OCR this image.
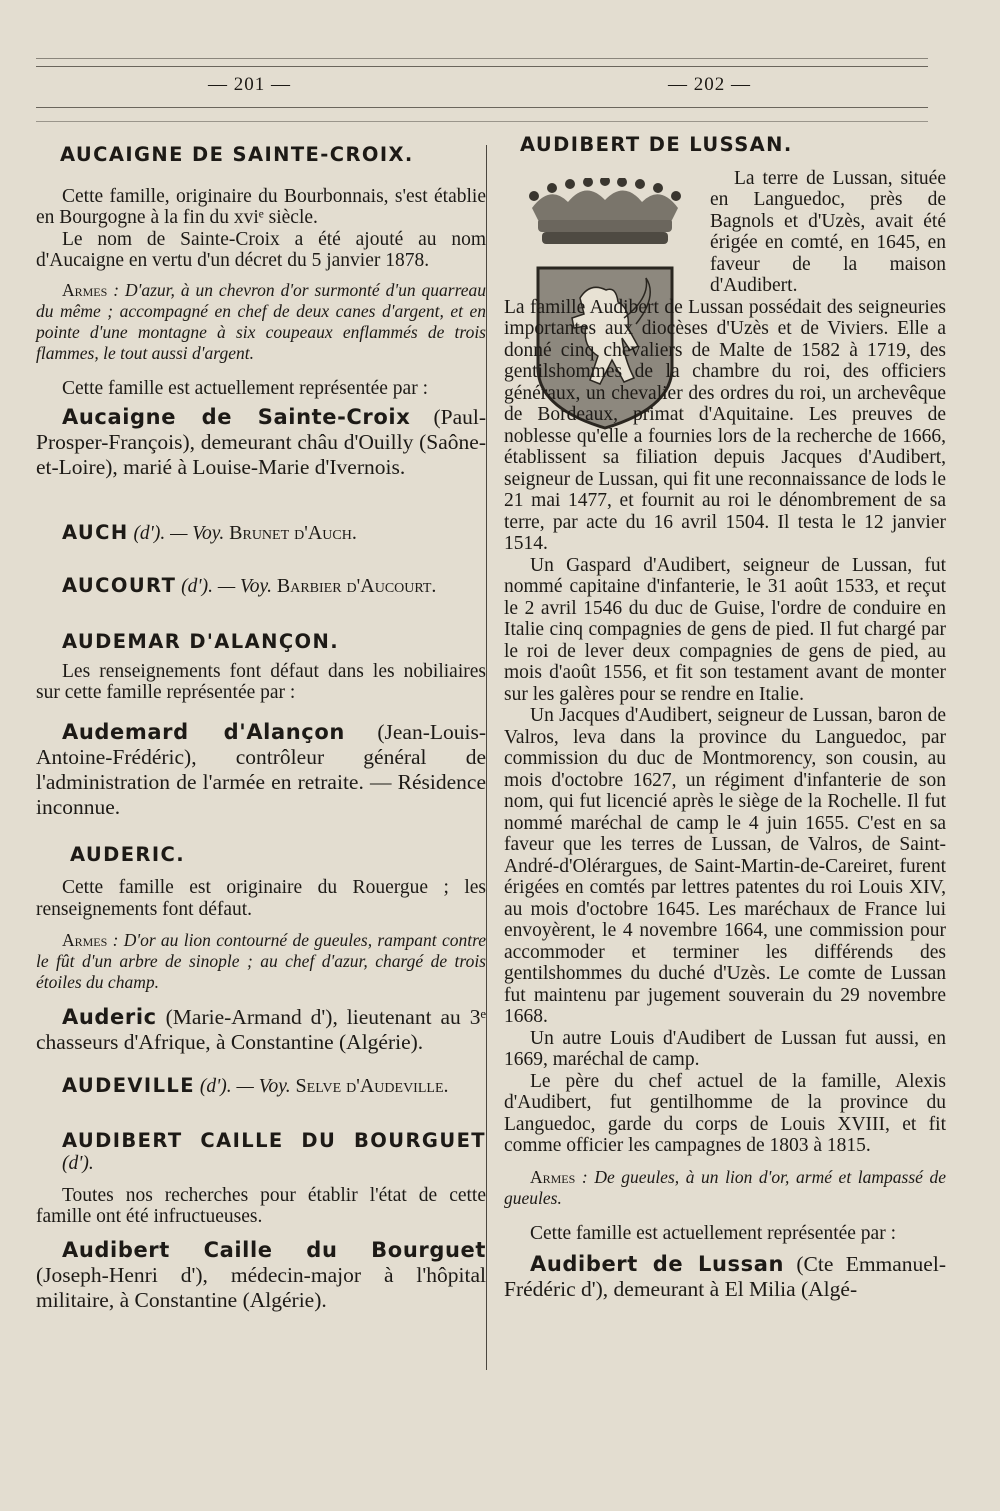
— 201 —	— 202 —

AUCAIGNE DE SAINTE-CROIX.

Cette famille, originaire du Bourbonnais, s'est établie en Bourgogne à la fin du xviᵉ siècle.

Le nom de Sainte-Croix a été ajouté au nom d'Aucaigne en vertu d'un décret du 5 janvier 1878.

Armes : D'azur, à un chevron d'or surmonté d'un quarreau du même ; accompagné en chef de deux canes d'argent, et en pointe d'une montagne à six coupeaux enflammés de trois flammes, le tout aussi d'argent.

Cette famille est actuellement représentée par :

Aucaigne de Sainte-Croix (Paul-Prosper-François), demeurant châu d'Ouilly (Saône-et-Loire), marié à Louise-Marie d'Ivernois.

AUCH (d'). — Voy. Brunet d'Auch.

AUCOURT (d'). — Voy. Barbier d'Aucourt.

AUDEMAR D'ALANÇON.

Les renseignements font défaut dans les nobiliaires sur cette famille représentée par :

Audemard d'Alançon (Jean-Louis-Antoine-Frédéric), contrôleur général de l'administration de l'armée en retraite. — Résidence inconnue.

AUDERIC.

Cette famille est originaire du Rouergue ; les renseignements font défaut.

Armes : D'or au lion contourné de gueules, rampant contre le fût d'un arbre de sinople ; au chef d'azur, chargé de trois étoiles du champ.

Auderic (Marie-Armand d'), lieutenant au 3ᵉ chasseurs d'Afrique, à Constantine (Algérie).

AUDEVILLE (d'). — Voy. Selve d'Audeville.

AUDIBERT CAILLE DU BOURGUET (d').

Toutes nos recherches pour établir l'état de cette famille ont été infructueuses.

Audibert Caille du Bourguet (Joseph-Henri d'), médecin-major à l'hôpital militaire, à Constantine (Algérie).

AUDIBERT DE LUSSAN.

La terre de Lussan, située en Languedoc, près de Bagnols et d'Uzès, avait été érigée en comté, en 1645, en faveur de la maison d'Audibert.

La famille Audibert de Lussan possédait des seigneuries importantes aux diocèses d'Uzès et de Viviers. Elle a donné cinq chevaliers de Malte de 1582 à 1719, des gentilshommes de la chambre du roi, des officiers généraux, un chevalier des ordres du roi, un archevêque de Bordeaux, primat d'Aquitaine. Les preuves de noblesse qu'elle a fournies lors de la recherche de 1666, établissent sa filiation depuis Jacques d'Audibert, seigneur de Lussan, qui fit une reconnaissance de lods le 21 mai 1477, et fournit au roi le dénombrement de sa terre, par acte du 16 avril 1504. Il testa le 12 janvier 1514.

Un Gaspard d'Audibert, seigneur de Lussan, fut nommé capitaine d'infanterie, le 31 août 1533, et reçut le 2 avril 1546 du duc de Guise, l'ordre de conduire en Italie cinq compagnies de gens de pied. Il fut chargé par le roi de lever deux compagnies de gens de pied, au mois d'août 1556, et fit son testament avant de monter sur les galères pour se rendre en Italie.

Un Jacques d'Audibert, seigneur de Lussan, baron de Valros, leva dans la province du Languedoc, par commission du duc de Montmorency, son cousin, au mois d'octobre 1627, un régiment d'infanterie de son nom, qui fut licencié après le siège de la Rochelle. Il fut nommé maréchal de camp le 4 juin 1655. C'est en sa faveur que les terres de Lussan, de Valros, de Saint-André-d'Olérargues, de Saint-Martin-de-Careiret, furent érigées en comtés par lettres patentes du roi Louis XIV, au mois d'octobre 1645. Les maréchaux de France lui envoyèrent, le 4 novembre 1664, une commission pour accommoder et terminer les différends des gentilshommes du duché d'Uzès. Le comte de Lussan fut maintenu par jugement souverain du 29 novembre 1668.

Un autre Louis d'Audibert de Lussan fut aussi, en 1669, maréchal de camp.

Le père du chef actuel de la famille, Alexis d'Audibert, fut gentilhomme de la province du Languedoc, garde du corps de Louis XVIII, et fit comme officier les campagnes de 1803 à 1815.

Armes : De gueules, à un lion d'or, armé et lampassé de gueules.

Cette famille est actuellement représentée par :

Audibert de Lussan (Cte Emmanuel-Frédéric d'), demeurant à El Milia (Algé-
